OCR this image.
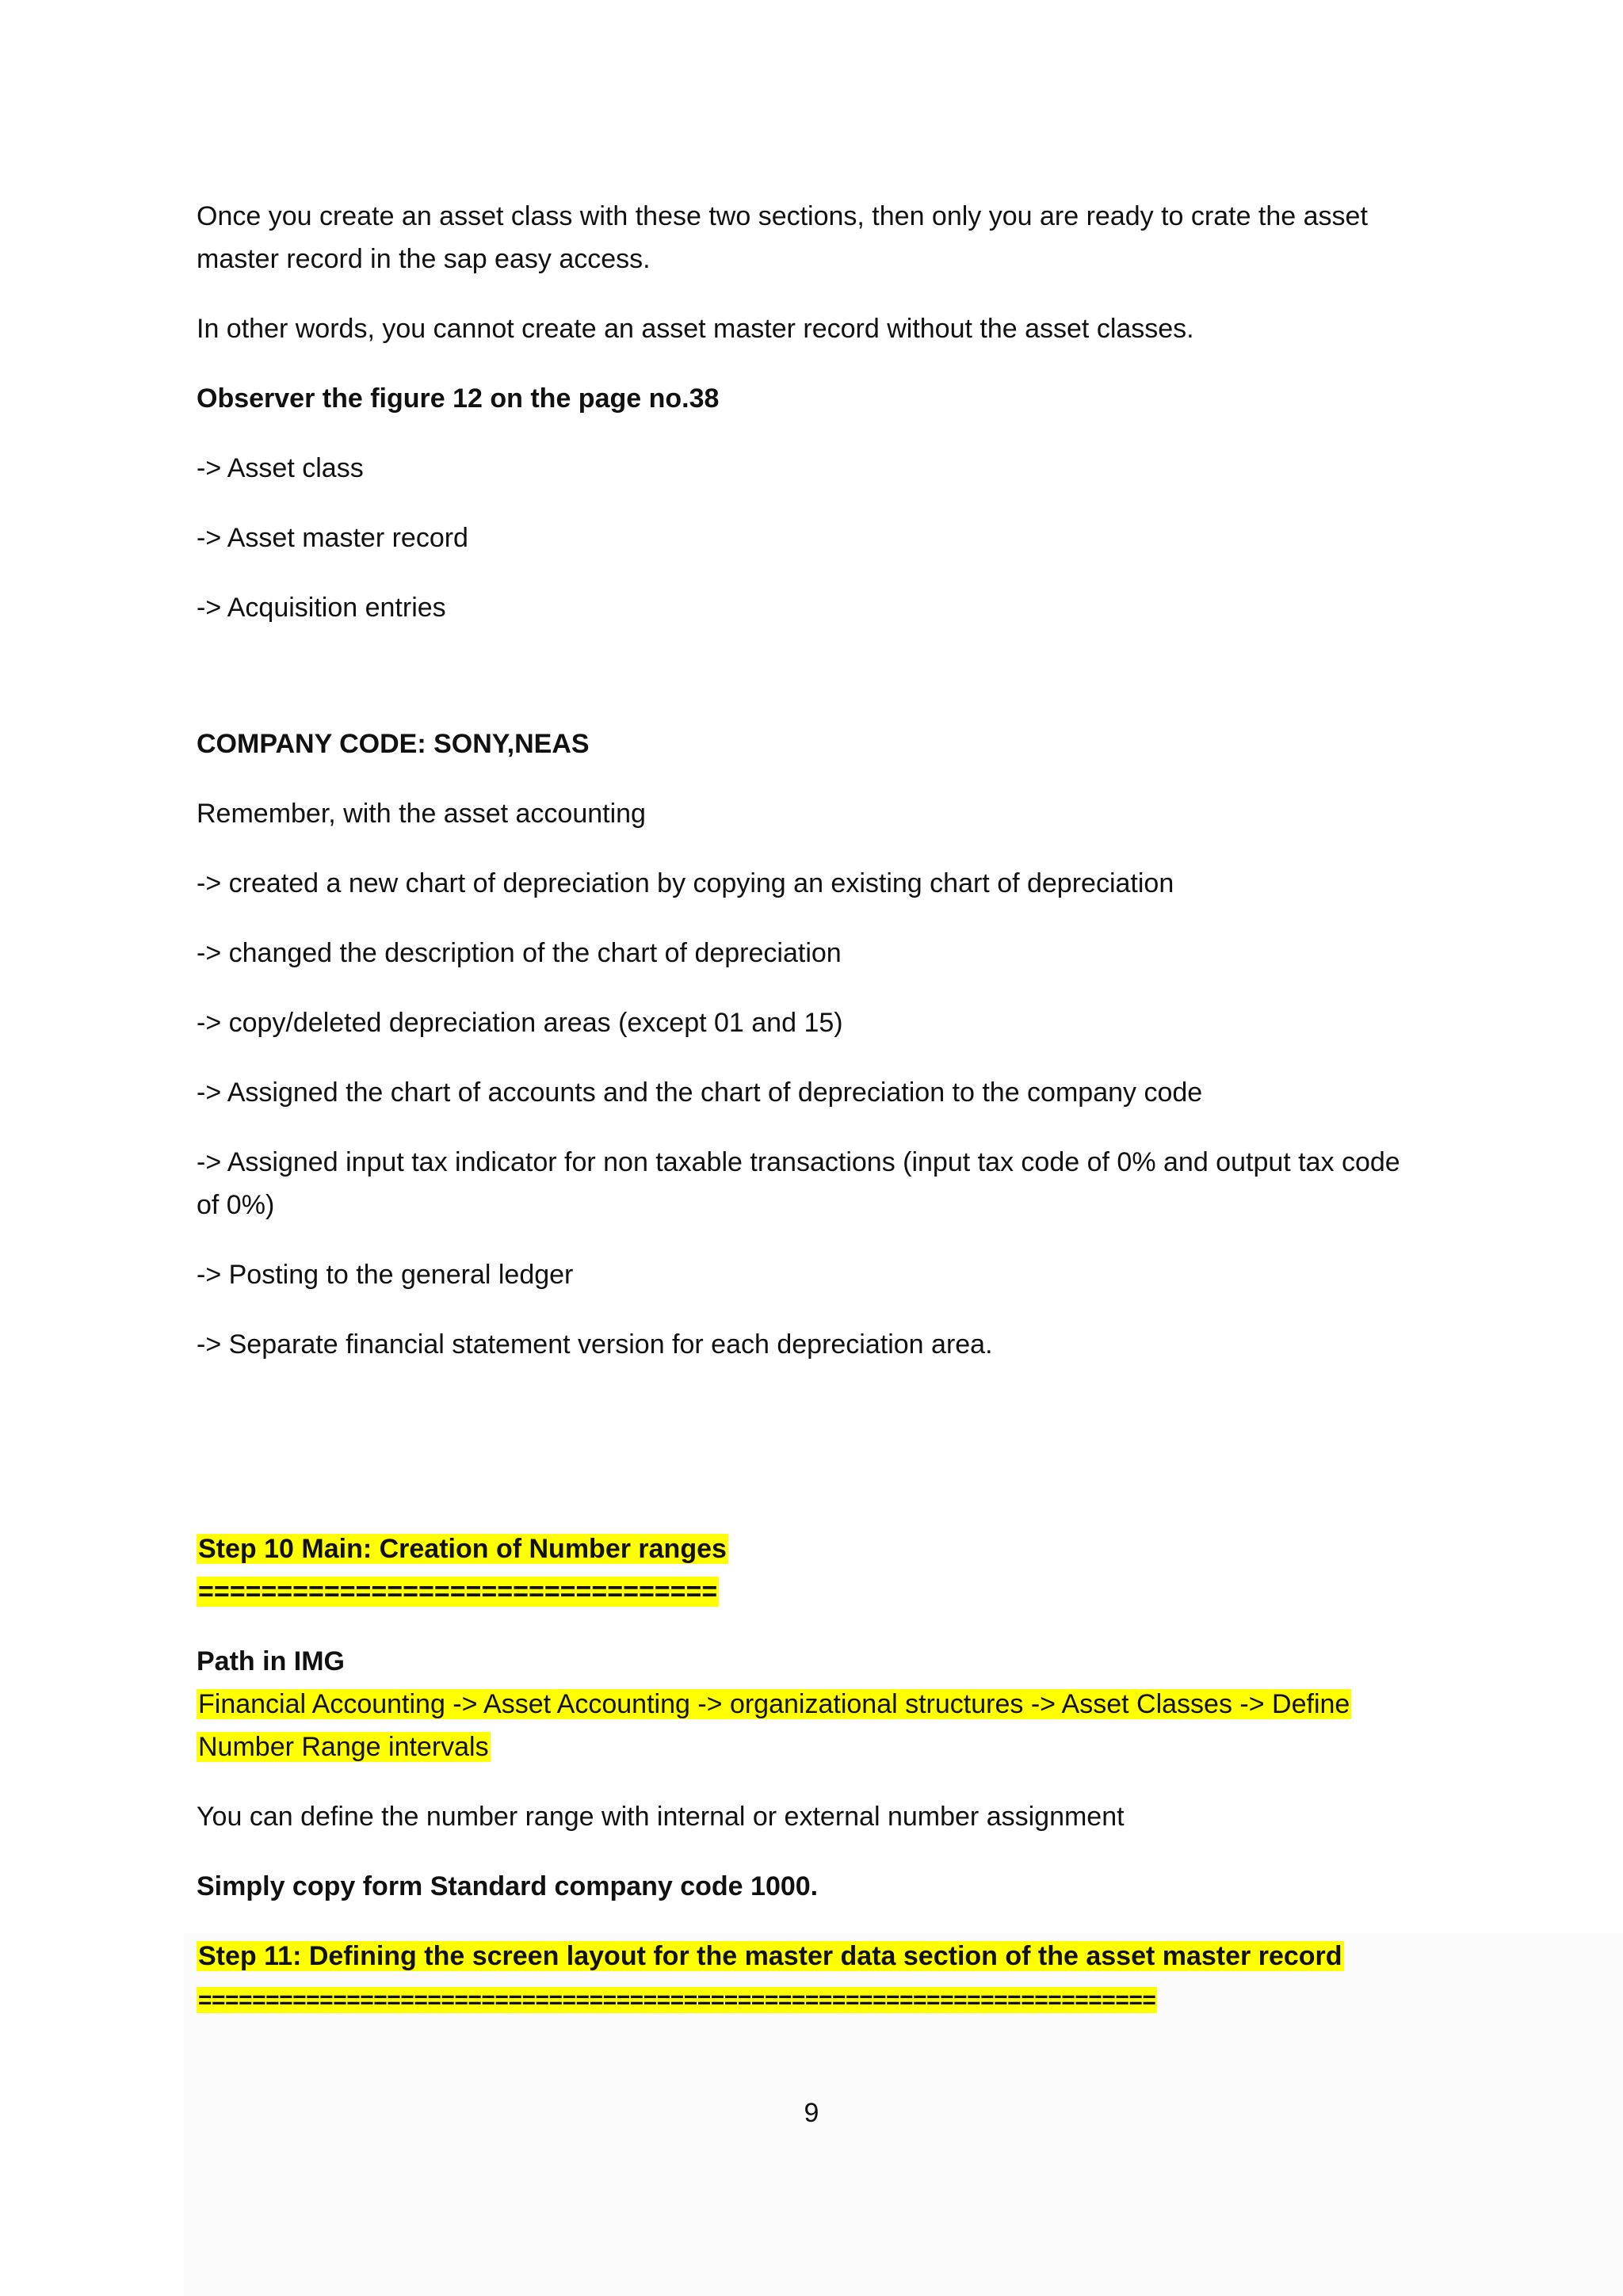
Once you create an asset class with these two sections, then only you are ready to crate the asset master record in the sap easy access.

In other words, you cannot create an asset master record without the asset classes.

Observer the figure 12 on the page no.38

-> Asset class

-> Asset master record

-> Acquisition entries

COMPANY CODE: SONY,NEAS

Remember, with the asset accounting

-> created a new chart of depreciation by copying an existing chart of depreciation

-> changed the description of the chart of depreciation

-> copy/deleted depreciation areas (except 01 and 15)

-> Assigned the chart of accounts and the chart of depreciation to the company code

-> Assigned input tax indicator for non taxable transactions (input tax code of 0% and output tax code of 0%)

-> Posting to the general ledger

-> Separate financial statement version for each depreciation area.

Step 10 Main: Creation of Number ranges

=================================

Path in IMG

Financial Accounting -> Asset Accounting -> organizational structures -> Asset Classes -> Define
Number Range intervals

You can define the number range with internal or external number assignment

Simply copy form Standard company code 1000.

Step 11: Defining the screen layout for the master data section of the asset master record

=======================================================================

9
